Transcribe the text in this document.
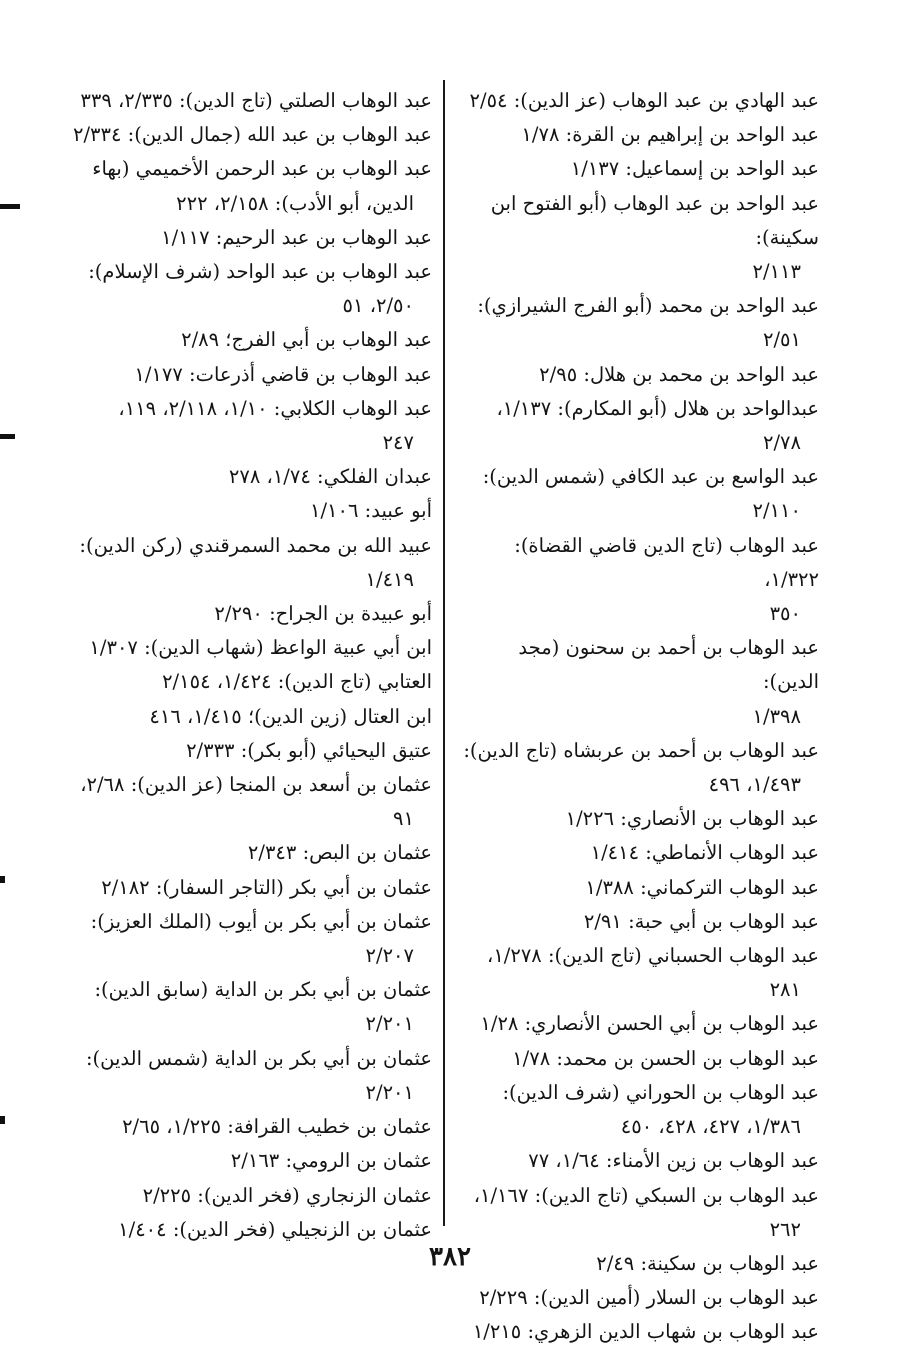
عبد الهادي بن عبد الوهاب (عز الدين): ٢/٥٤
عبد الواحد بن إبراهيم بن القرة: ١/٧٨
عبد الواحد بن إسماعيل: ١/١٣٧
عبد الواحد بن عبد الوهاب (أبو الفتوح ابن سكينة):
٢/١١٣
عبد الواحد بن محمد (أبو الفرج الشيرازي):
٢/٥١
عبد الواحد بن محمد بن هلال: ٢/٩٥
عبدالواحد بن هلال (أبو المكارم): ١/١٣٧،
٢/٧٨
عبد الواسع بن عبد الكافي (شمس الدين):
٢/١١٠
عبد الوهاب (تاج الدين قاضي القضاة): ١/٣٢٢،
٣٥٠
عبد الوهاب بن أحمد بن سحنون (مجد الدين):
١/٣٩٨
عبد الوهاب بن أحمد بن عربشاه (تاج الدين):
١/٤٩٣، ٤٩٦
عبد الوهاب بن الأنصاري: ١/٢٢٦
عبد الوهاب الأنماطي: ١/٤١٤
عبد الوهاب التركماني: ١/٣٨٨
عبد الوهاب بن أبي حبة: ٢/٩١
عبد الوهاب الحسباني (تاج الدين): ١/٢٧٨،
٢٨١
عبد الوهاب بن أبي الحسن الأنصاري: ١/٢٨
عبد الوهاب بن الحسن بن محمد: ١/٧٨
عبد الوهاب بن الحوراني (شرف الدين):
١/٣٨٦، ٤٢٧، ٤٢٨، ٤٥٠
عبد الوهاب بن زين الأمناء: ١/٦٤، ٧٧
عبد الوهاب بن السبكي (تاج الدين): ١/١٦٧،
٢٦٢
عبد الوهاب بن سكينة: ٢/٤٩
عبد الوهاب بن السلار (أمين الدين): ٢/٢٢٩
عبد الوهاب بن شهاب الدين الزهري: ١/٢١٥
عبد الوهاب الصلتي (تاج الدين): ٢/٣٣٥، ٣٣٩
عبد الوهاب بن عبد الله (جمال الدين): ٢/٣٣٤
عبد الوهاب بن عبد الرحمن الأخميمي (بهاء
الدين، أبو الأدب): ٢/١٥٨، ٢٢٢
عبد الوهاب بن عبد الرحيم: ١/١١٧
عبد الوهاب بن عبد الواحد (شرف الإسلام):
٢/٥٠، ٥١
عبد الوهاب بن أبي الفرج؛ ٢/٨٩
عبد الوهاب بن قاضي أذرعات: ١/١٧٧
عبد الوهاب الكلابي: ١/١٠، ٢/١١٨، ١١٩،
٢٤٧
عبدان الفلكي: ١/٧٤، ٢٧٨
أبو عبيد: ١/١٠٦
عبيد الله بن محمد السمرقندي (ركن الدين):
١/٤١٩
أبو عبيدة بن الجراح: ٢/٢٩٠
ابن أبي عبية الواعظ (شهاب الدين): ١/٣٠٧
العتابي (تاج الدين): ١/٤٢٤، ٢/١٥٤
ابن العتال (زين الدين)؛ ١/٤١٥، ٤١٦
عتيق اليحيائي (أبو بكر): ٢/٣٣٣
عثمان بن أسعد بن المنجا (عز الدين): ٢/٦٨،
٩١
عثمان بن البص: ٢/٣٤٣
عثمان بن أبي بكر (التاجر السفار): ٢/١٨٢
عثمان بن أبي بكر بن أيوب (الملك العزيز):
٢/٢٠٧
عثمان بن أبي بكر بن الداية (سابق الدين):
٢/٢٠١
عثمان بن أبي بكر بن الداية (شمس الدين):
٢/٢٠١
عثمان بن خطيب القرافة: ١/٢٢٥، ٢/٦٥
عثمان بن الرومي: ٢/١٦٣
عثمان الزنجاري (فخر الدين): ٢/٢٢٥
عثمان بن الزنجيلي (فخر الدين): ١/٤٠٤
٣٨٢
